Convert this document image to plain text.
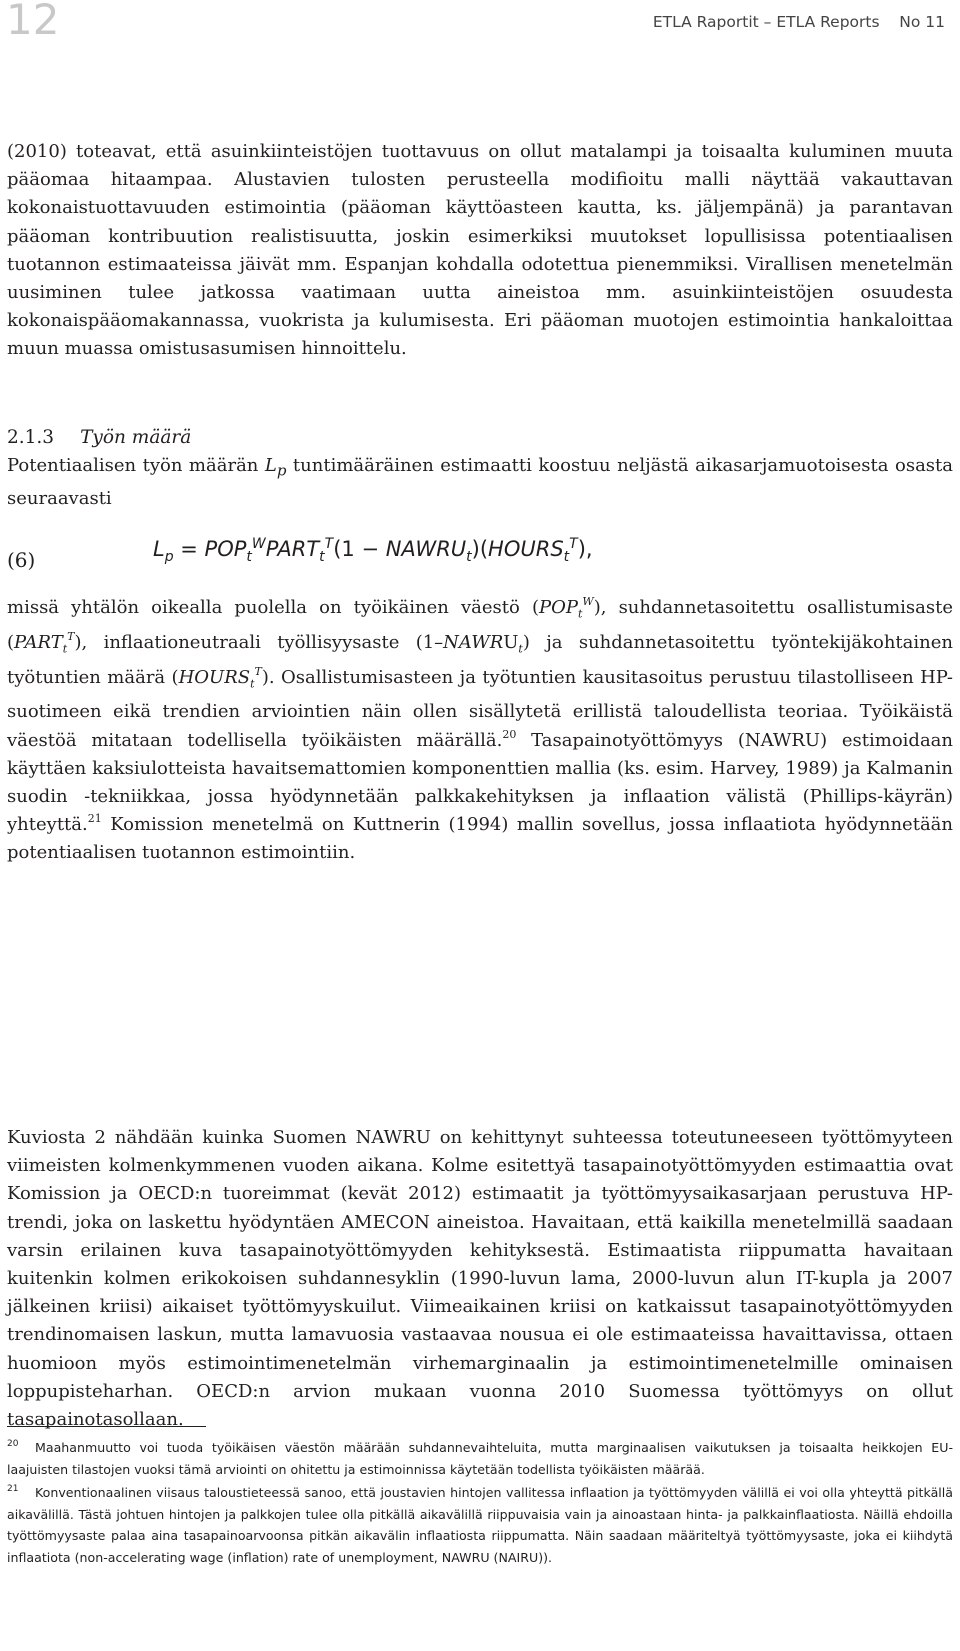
12	ETLA Raportit – ETLA Reports    No 11
(2010) toteavat, että asuinkiinteistöjen tuottavuus on ollut matalampi ja toisaalta kuluminen muuta pääomaa hitaampaa. Alustavien tulosten perusteella modifioitu malli näyttää vakauttavan kokonaistuottavuuden estimointia (pääoman käyttöasteen kautta, ks. jäljempänä) ja parantavan pääoman kontribuution realistisuutta, joskin esimerkiksi muutokset lopullisissa potentiaalisen tuotannon estimaateissa jäivät mm. Espanjan kohdalla odotettua pienemmiksi. Virallisen menetelmän uusiminen tulee jatkossa vaatimaan uutta aineistoa mm. asuinkiinteistöjen osuudesta kokonaispääomakannassa, vuokrista ja kulumisesta. Eri pääoman muotojen estimointia hankaloittaa muun muassa omistusasumisen hinnoittelu.
2.1.3 Työn määrä
Potentiaalisen työn määrän $L_p$ tuntimääräinen estimaatti koostuu neljästä aikasarjamuotoisesta osasta seuraavasti
(6)	$L_p$ = $POP_t^WPART_t^T(1$ − $NAWRU_t)(HOURS_t^T)$,
missä yhtälön oikealla puolella on työikäinen väestö $(POP_t^W)$, suhdannetasoitettu osallistumisaste $(PART_t^T)$, inflaationeutraali työllisyysaste $(1-NAWRU_t)$ ja suhdannetasoitettu työntekijäkohtainen työtuntien määrä $(HOURS_t^T)$. Osallistumisasteen ja työtuntien kausitasoitus perustuu tilastolliseen HP-suotimeen eikä trendien arviointien näin ollen sisällytetä erillistä taloudellista teoriaa. Työikäistä väestöä mitataan todellisella työikäisten määrällä.$^{20}$ Tasapainotyöttömyys (NAWRU) estimoidaan käyttäen kaksiulotteista havaitsemattomien komponenttien mallia (ks. esim. Harvey, 1989) ja Kalmanin suodin -tekniikkaa, jossa hyödynnetään palkkakehityksen ja inflaation välistä (Phillips-käyrän) yhteyttä.$^{21}$ Komission menetelmä on Kuttnerin (1994) mallin sovellus, jossa inflaatiota hyödynnetään potentiaalisen tuotannon estimointiin.
Kuviosta 2 nähdään kuinka Suomen NAWRU on kehittynyt suhteessa toteutuneeseen työttömyyteen viimeisten kolmenkymmenen vuoden aikana. Kolme esitettyä tasapainotyöttömyyden estimaattia ovat Komission ja OECD:n tuoreimmat (kevät 2012) estimaatit ja työttömyysaikasarjaan perustuva HP-trendi, joka on laskettu hyödyntäen AMECON aineistoa. Havaitaan, että kaikilla menetelmillä saadaan varsin erilainen kuva tasapainotyöttömyyden kehityksestä. Estimaatista riippumatta havaitaan kuitenkin kolmen erikokoisen suhdannesyklin (1990-luvun lama, 2000-luvun alun IT-kupla ja 2007 jälkeinen kriisi) aikaiset työttömyyskuilut. Viimeaikainen kriisi on katkaissut tasapainotyöttömyyden trendinomaisen laskun, mutta lamavuosia vastaavaa nousua ei ole estimaateissa havaittavissa, ottaen huomioon myös estimointimenetelmän virhemarginaalin ja estimointimenetelmille ominaisen loppupisteharhan. OECD:n arvion mukaan vuonna 2010 Suomessa työttömyys on ollut tasapainotasollaan.
20 Maahanmuutto voi tuoda työikäisen väestön määrään suhdannevaihteluita, mutta marginaalisen vaikutuksen ja toisaalta heikkojen EU-laajuisten tilastojen vuoksi tämä arviointi on ohitettu ja estimoinnissa käytetään todellista työikäisten määrää.
21 Konventionaalinen viisaus taloustieteessä sanoo, että joustavien hintojen vallitessa inflaation ja työttömyyden välillä ei voi olla yhteyttä pitkällä aikavälillä. Tästä johtuen hintojen ja palkkojen tulee olla pitkällä aikavälillä riippuvaisia vain ja ainoastaan hinta- ja palkkainflaatiosta. Näillä ehdoilla työttömyysaste palaa aina tasapainoarvoonsa pitkän aikavälin inflaatiosta riippumatta. Näin saadaan määriteltyä työttömyysaste, joka ei kiihdytä inflaatiota (non-accelerating wage (inflation) rate of unemployment, NAWRU (NAIRU)).
